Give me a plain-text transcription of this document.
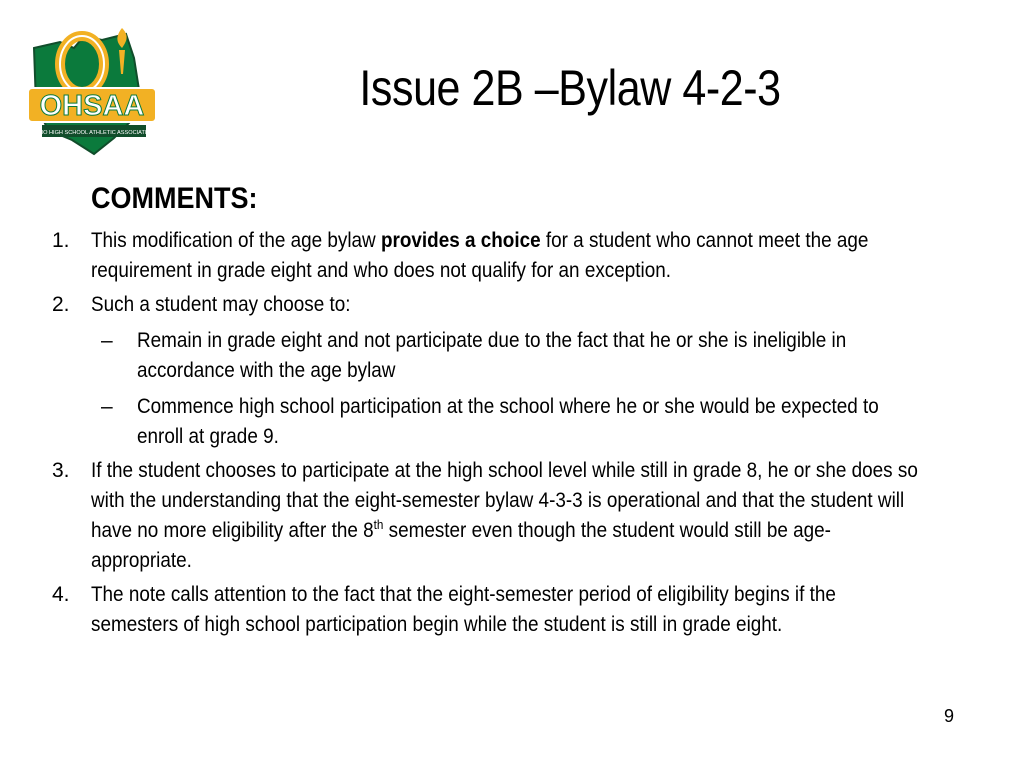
OHSAA
OHIO HIGH SCHOOL ATHLETIC ASSOCIATION
Issue 2B –Bylaw 4-2-3
COMMENTS:
1. This modification of the age bylaw provides a choice for a student who cannot meet the age requirement in grade eight and who does not qualify for an exception.
2. Such a student may choose to:
– Remain in grade eight and not participate due to the fact that he or she is ineligible in accordance with the age bylaw
– Commence high school participation at the school where he or she would be expected to enroll at grade 9.
3. If the student chooses to participate at the high school level while still in grade 8, he or she does so with the understanding that the eight-semester bylaw 4-3-3 is operational and that the student will have no more eligibility after the 8th semester even though the student would still be age-appropriate.
4. The note calls attention to the fact that the eight-semester period of eligibility begins if the semesters of high school participation begin while the student is still in grade eight.
9
